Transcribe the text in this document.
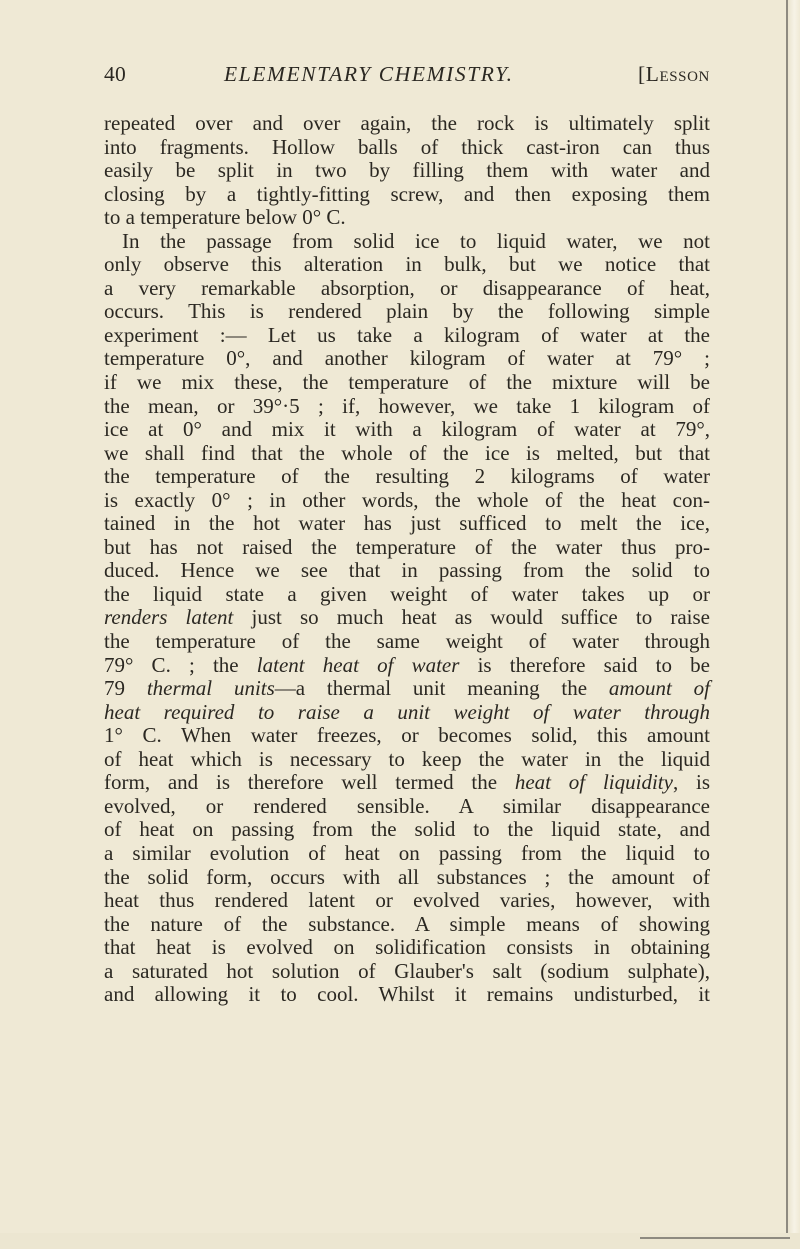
40	ELEMENTARY CHEMISTRY.	[Lesson
repeated over and over again, the rock is ultimately split
into fragments. Hollow balls of thick cast-iron can thus
easily be split in two by filling them with water and
closing by a tightly-fitting screw, and then exposing them
to a temperature below 0° C.
In the passage from solid ice to liquid water, we not
only observe this alteration in bulk, but we notice that
a very remarkable absorption, or disappearance of heat,
occurs. This is rendered plain by the following simple
experiment :— Let us take a kilogram of water at the
temperature 0°, and another kilogram of water at 79° ;
if we mix these, the temperature of the mixture will be
the mean, or 39°·5 ; if, however, we take 1 kilogram of
ice at 0° and mix it with a kilogram of water at 79°,
we shall find that the whole of the ice is melted, but that
the temperature of the resulting 2 kilograms of water
is exactly 0° ; in other words, the whole of the heat con-
tained in the hot water has just sufficed to melt the ice,
but has not raised the temperature of the water thus pro-
duced. Hence we see that in passing from the solid to
the liquid state a given weight of water takes up or
renders latent just so much heat as would suffice to raise
the temperature of the same weight of water through
79° C. ; the latent heat of water is therefore said to be
79 thermal units—a thermal unit meaning the amount of
heat required to raise a unit weight of water through
1° C. When water freezes, or becomes solid, this amount
of heat which is necessary to keep the water in the liquid
form, and is therefore well termed the heat of liquidity, is
evolved, or rendered sensible. A similar disappearance
of heat on passing from the solid to the liquid state, and
a similar evolution of heat on passing from the liquid to
the solid form, occurs with all substances ; the amount of
heat thus rendered latent or evolved varies, however, with
the nature of the substance. A simple means of showing
that heat is evolved on solidification consists in obtaining
a saturated hot solution of Glauber's salt (sodium sulphate),
and allowing it to cool. Whilst it remains undisturbed, it
